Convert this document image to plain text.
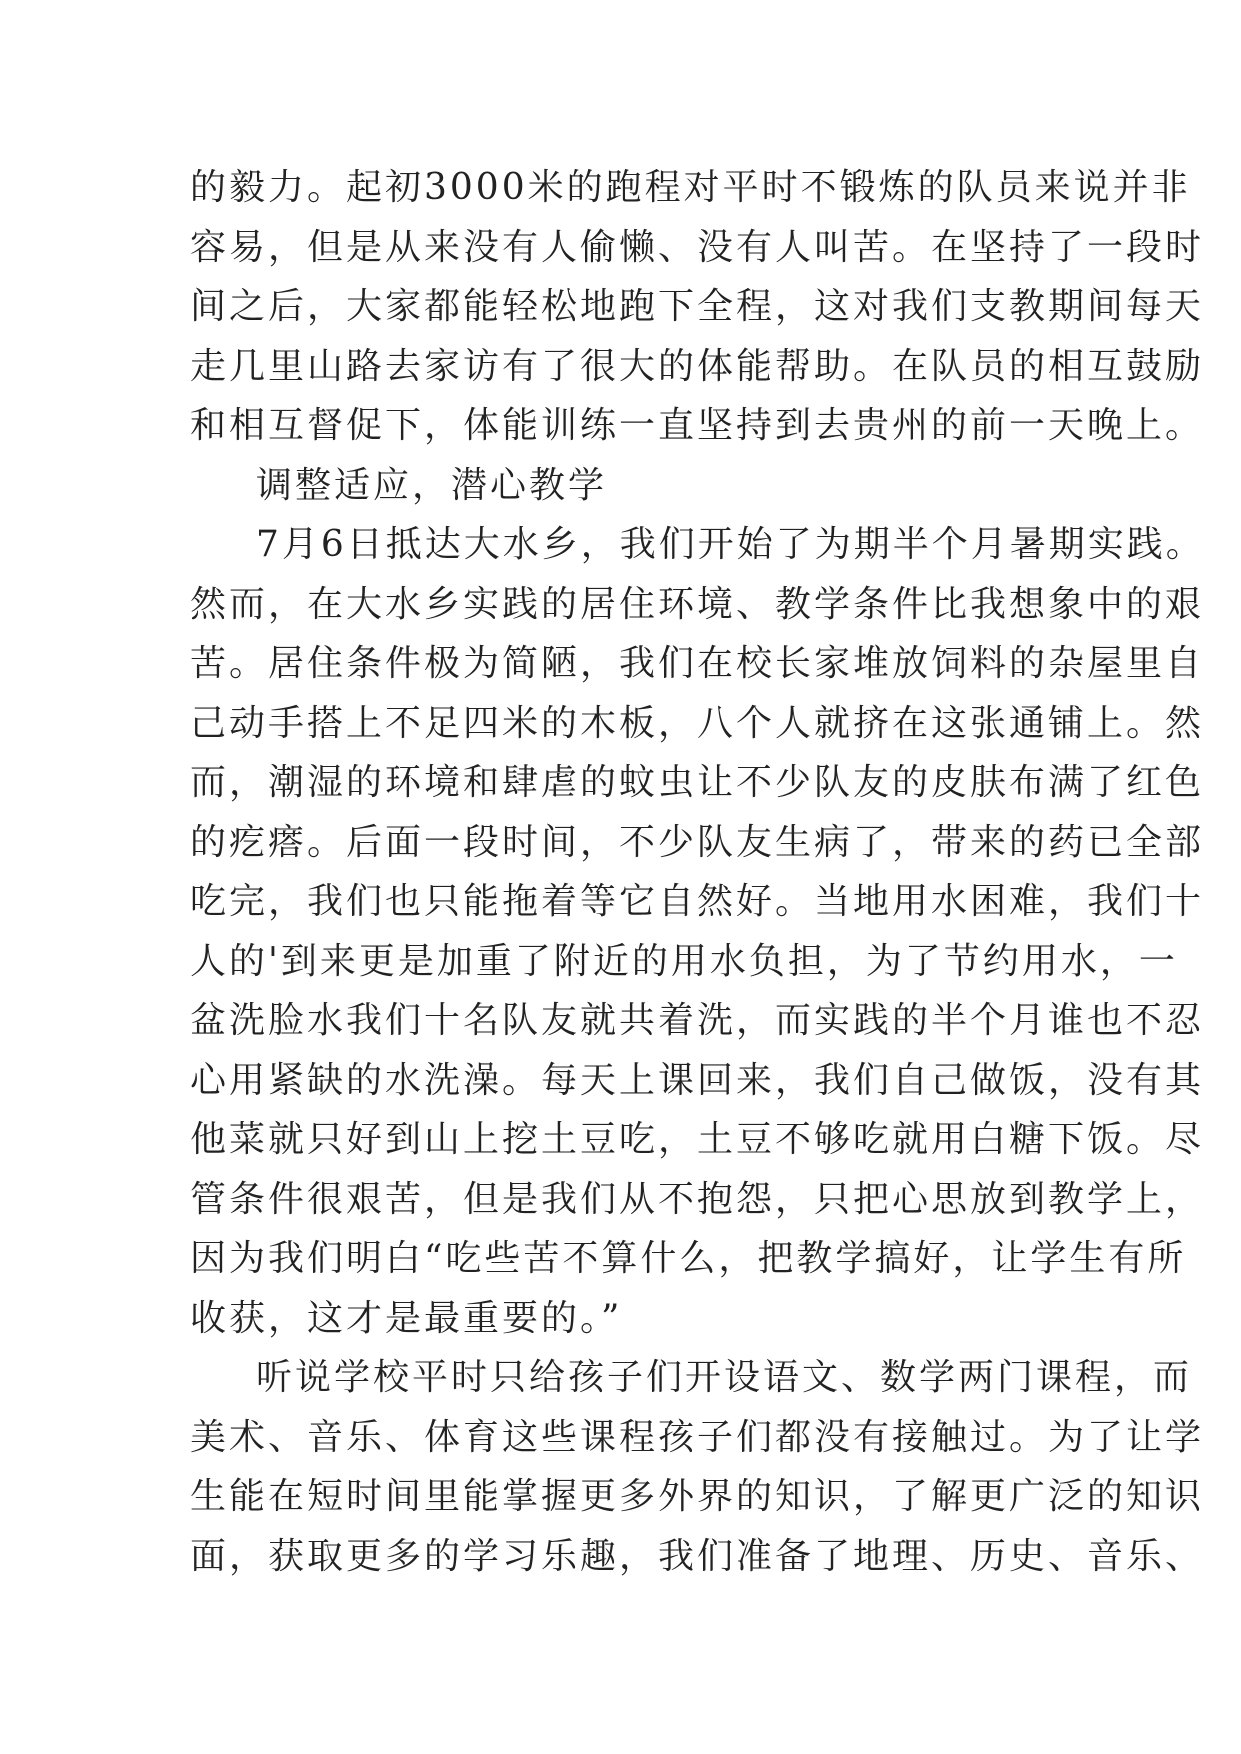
的毅力。起初3000米的跑程对平时不锻炼的队员来说并非
容易，但是从来没有人偷懒、没有人叫苦。在坚持了一段时
间之后，大家都能轻松地跑下全程，这对我们支教期间每天
走几里山路去家访有了很大的体能帮助。在队员的相互鼓励
和相互督促下，体能训练一直坚持到去贵州的前一天晚上。
调整适应，潜心教学
7月6日抵达大水乡，我们开始了为期半个月暑期实践。
然而，在大水乡实践的居住环境、教学条件比我想象中的艰
苦。居住条件极为简陋，我们在校长家堆放饲料的杂屋里自
己动手搭上不足四米的木板，八个人就挤在这张通铺上。然
而，潮湿的环境和肆虐的蚊虫让不少队友的皮肤布满了红色
的疙瘩。后面一段时间，不少队友生病了，带来的药已全部
吃完，我们也只能拖着等它自然好。当地用水困难，我们十
人的'到来更是加重了附近的用水负担，为了节约用水，一
盆洗脸水我们十名队友就共着洗，而实践的半个月谁也不忍
心用紧缺的水洗澡。每天上课回来，我们自己做饭，没有其
他菜就只好到山上挖土豆吃，土豆不够吃就用白糖下饭。尽
管条件很艰苦，但是我们从不抱怨，只把心思放到教学上，
因为我们明白“吃些苦不算什么，把教学搞好，让学生有所
收获，这才是最重要的。”
听说学校平时只给孩子们开设语文、数学两门课程，而
美术、音乐、体育这些课程孩子们都没有接触过。为了让学
生能在短时间里能掌握更多外界的知识，了解更广泛的知识
面，获取更多的学习乐趣，我们准备了地理、历史、音乐、
